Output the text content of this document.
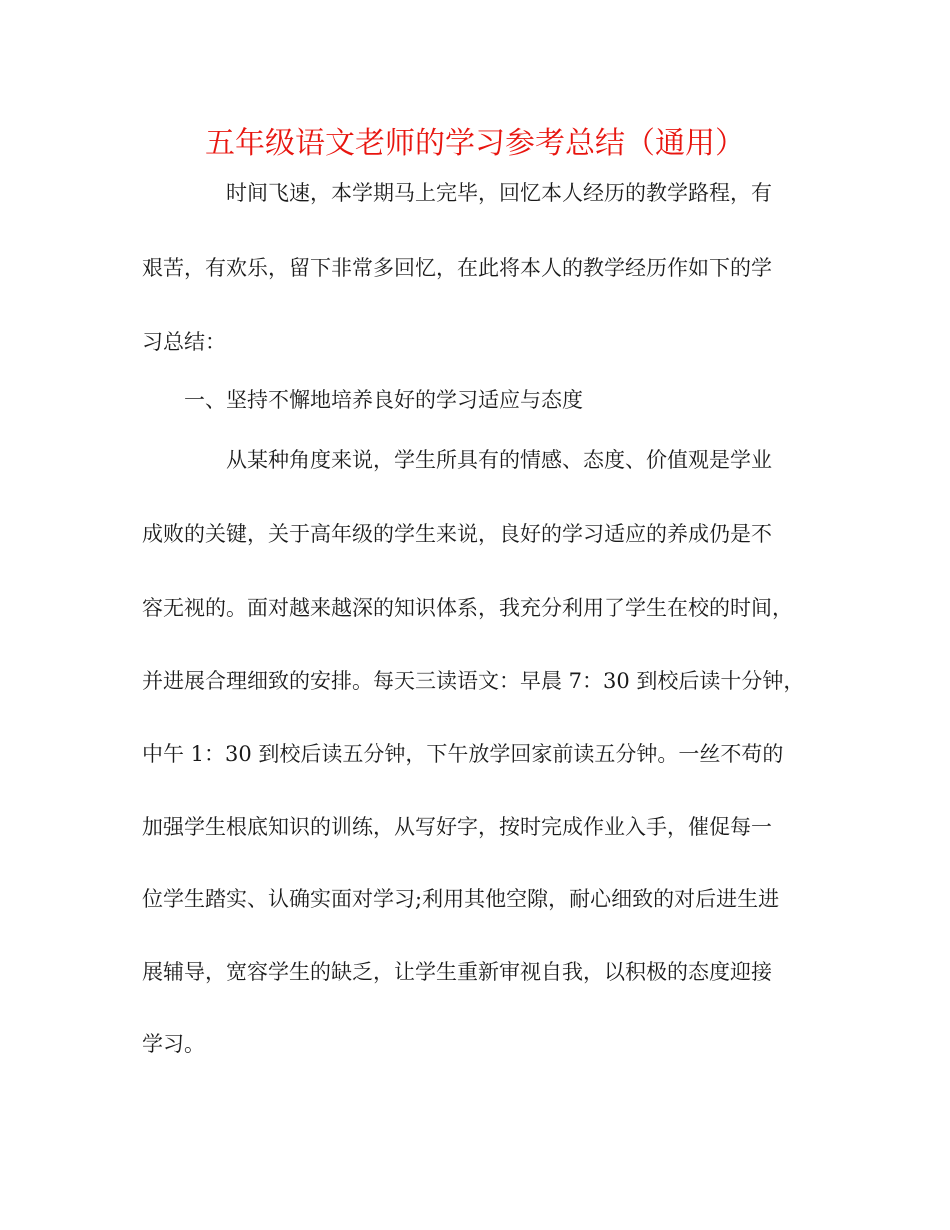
五年级语文老师的学习参考总结（通用）
时间飞速，本学期马上完毕，回忆本人经历的教学路程，有
艰苦，有欢乐，留下非常多回忆，在此将本人的教学经历作如下的学
习总结：
一、坚持不懈地培养良好的学习适应与态度
从某种角度来说，学生所具有的情感、态度、价值观是学业
成败的关键，关于高年级的学生来说，良好的学习适应的养成仍是不
容无视的。面对越来越深的知识体系，我充分利用了学生在校的时间，
并进展合理细致的安排。每天三读语文：早晨 7：30 到校后读十分钟，
中午 1：30 到校后读五分钟，下午放学回家前读五分钟。一丝不苟的
加强学生根底知识的训练，从写好字，按时完成作业入手，催促每一
位学生踏实、认确实面对学习;利用其他空隙，耐心细致的对后进生进
展辅导，宽容学生的缺乏，让学生重新审视自我，以积极的态度迎接
学习。
